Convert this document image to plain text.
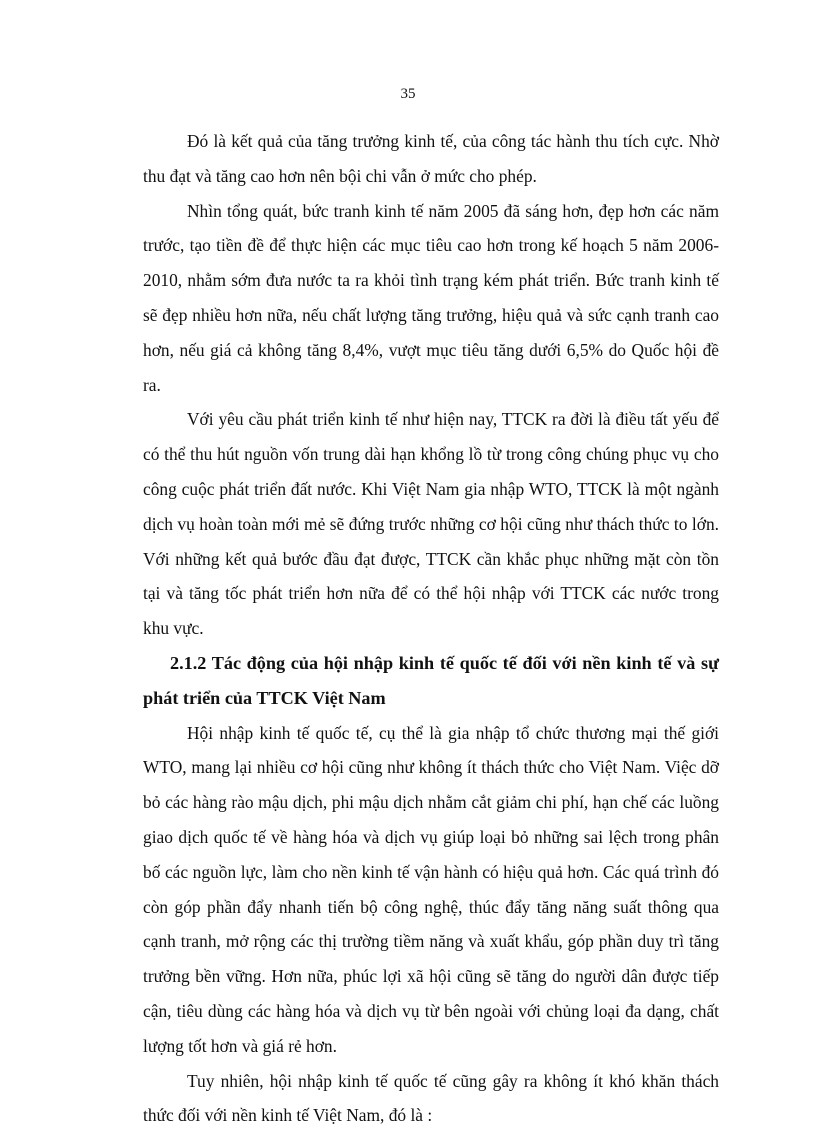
35

Đó là kết quả của tăng trưởng kinh tế, của công tác hành thu tích cực. Nhờ thu đạt và tăng cao hơn nên bội chi vẫn ở mức cho phép.

Nhìn tổng quát, bức tranh kinh tế năm 2005 đã sáng hơn, đẹp hơn các năm trước, tạo tiền đề để thực hiện các mục tiêu cao hơn trong kế hoạch 5 năm 2006-2010, nhằm sớm đưa nước ta ra khỏi tình trạng kém phát triển. Bức tranh kinh tế sẽ đẹp nhiều hơn nữa, nếu chất lượng tăng trưởng, hiệu quả và sức cạnh tranh cao hơn, nếu giá cả không tăng 8,4%, vượt mục tiêu tăng dưới 6,5% do Quốc hội đề ra.

Với yêu cầu phát triển kinh tế như hiện nay, TTCK ra đời là điều tất yếu để có thể thu hút nguồn vốn trung dài hạn khổng lồ từ trong công chúng phục vụ cho công cuộc phát triển đất nước. Khi Việt Nam gia nhập WTO, TTCK là một ngành dịch vụ hoàn toàn mới mẻ sẽ đứng trước những cơ hội cũng như thách thức to lớn. Với những kết quả bước đầu đạt được, TTCK cần khắc phục những mặt còn tồn tại và tăng tốc phát triển hơn nữa để có thể hội nhập với TTCK các nước trong khu vực.

2.1.2 Tác động của hội nhập kinh tế quốc tế đối với nền kinh tế và sự phát triển của TTCK Việt Nam

Hội nhập kinh tế quốc tế, cụ thể là gia nhập tổ chức thương mại thế giới WTO, mang lại nhiều cơ hội cũng như không ít thách thức cho Việt Nam. Việc dỡ bỏ các hàng rào mậu dịch, phi mậu dịch nhằm cắt giảm chi phí, hạn chế các luồng giao dịch quốc tế về hàng hóa và dịch vụ giúp loại bỏ những sai lệch trong phân bố các nguồn lực, làm cho nền kinh tế vận hành có hiệu quả hơn. Các quá trình đó còn góp phần đẩy nhanh tiến bộ công nghệ, thúc đẩy tăng năng suất thông qua cạnh tranh, mở rộng các thị trường tiềm năng và xuất khẩu, góp phần duy trì tăng trưởng bền vững. Hơn nữa, phúc lợi xã hội cũng sẽ tăng do người dân được tiếp cận, tiêu dùng các hàng hóa và dịch vụ từ bên ngoài với chủng loại đa dạng, chất lượng tốt hơn và giá rẻ hơn.

Tuy nhiên, hội nhập kinh tế quốc tế cũng gây ra không ít khó khăn thách thức đối với nền kinh tế Việt Nam, đó là :
